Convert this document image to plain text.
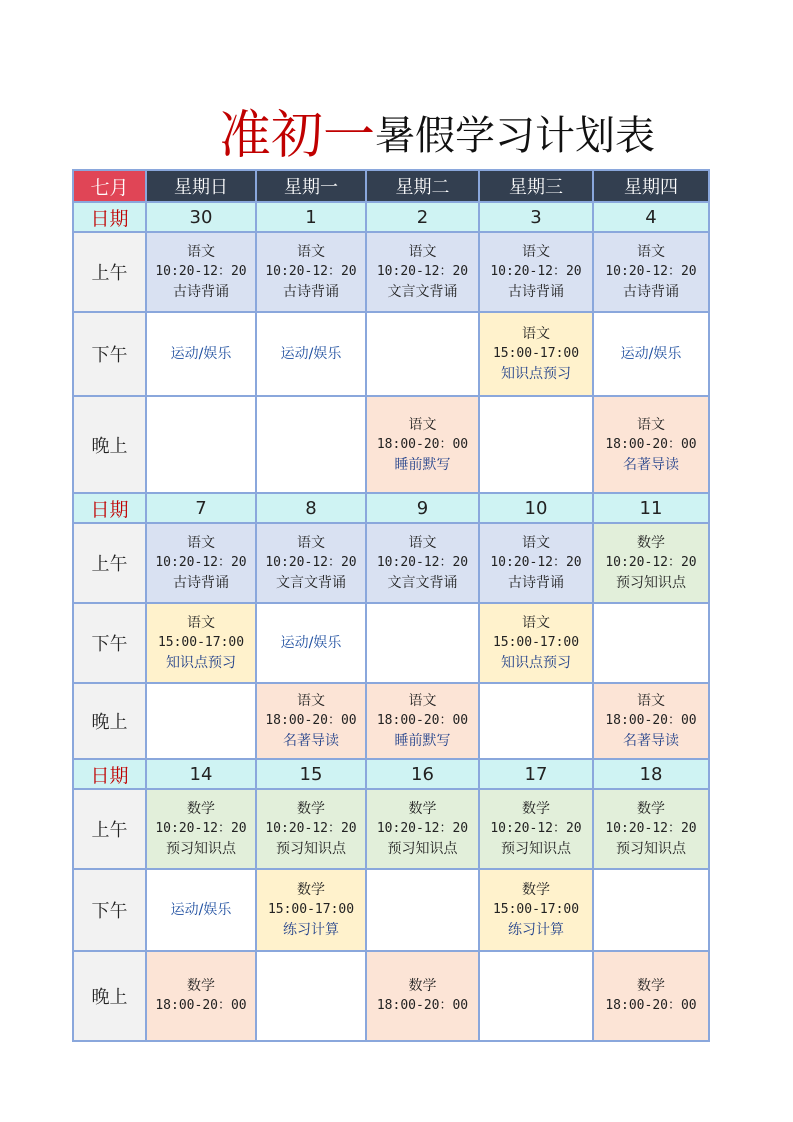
准初一暑假学习计划表
七月	星期日	星期一	星期二	星期三	星期四
日期	30	1	2	3	4
上午	语文
10:20-12：20
古诗背诵	语文
10:20-12：20
古诗背诵	语文
10:20-12：20
文言文背诵	语文
10:20-12：20
古诗背诵	语文
10:20-12：20
古诗背诵

下午	运动/娱乐	运动/娱乐		语文
15:00-17:00
知识点预习	运动/娱乐
晚上			语文
18:00-20：00
睡前默写		语文
18:00-20：00
名著导读

日期	7	8	9	10	11
上午	语文
10:20-12：20
古诗背诵	语文
10:20-12：20
文言文背诵	语文
10:20-12：20
文言文背诵	语文
10:20-12：20
古诗背诵	数学
10:20-12：20
预习知识点

下午	语文
15:00-17:00
知识点预习	运动/娱乐		语文
15:00-17:00
知识点预习	

晚上		语文
18:00-20：00
名著导读	语文
18:00-20：00
睡前默写		语文
18:00-20：00
名著导读

日期	14	15	16	17	18
上午	数学
10:20-12：20
预习知识点	数学
10:20-12：20
预习知识点	数学
10:20-12：20
预习知识点	数学
10:20-12：20
预习知识点	数学
10:20-12：20
预习知识点

下午	运动/娱乐	数学
15:00-17:00
练习计算		数学
15:00-17:00
练习计算	

晚上	数学
18:00-20：00		数学
18:00-20：00		数学
18:00-20：00
